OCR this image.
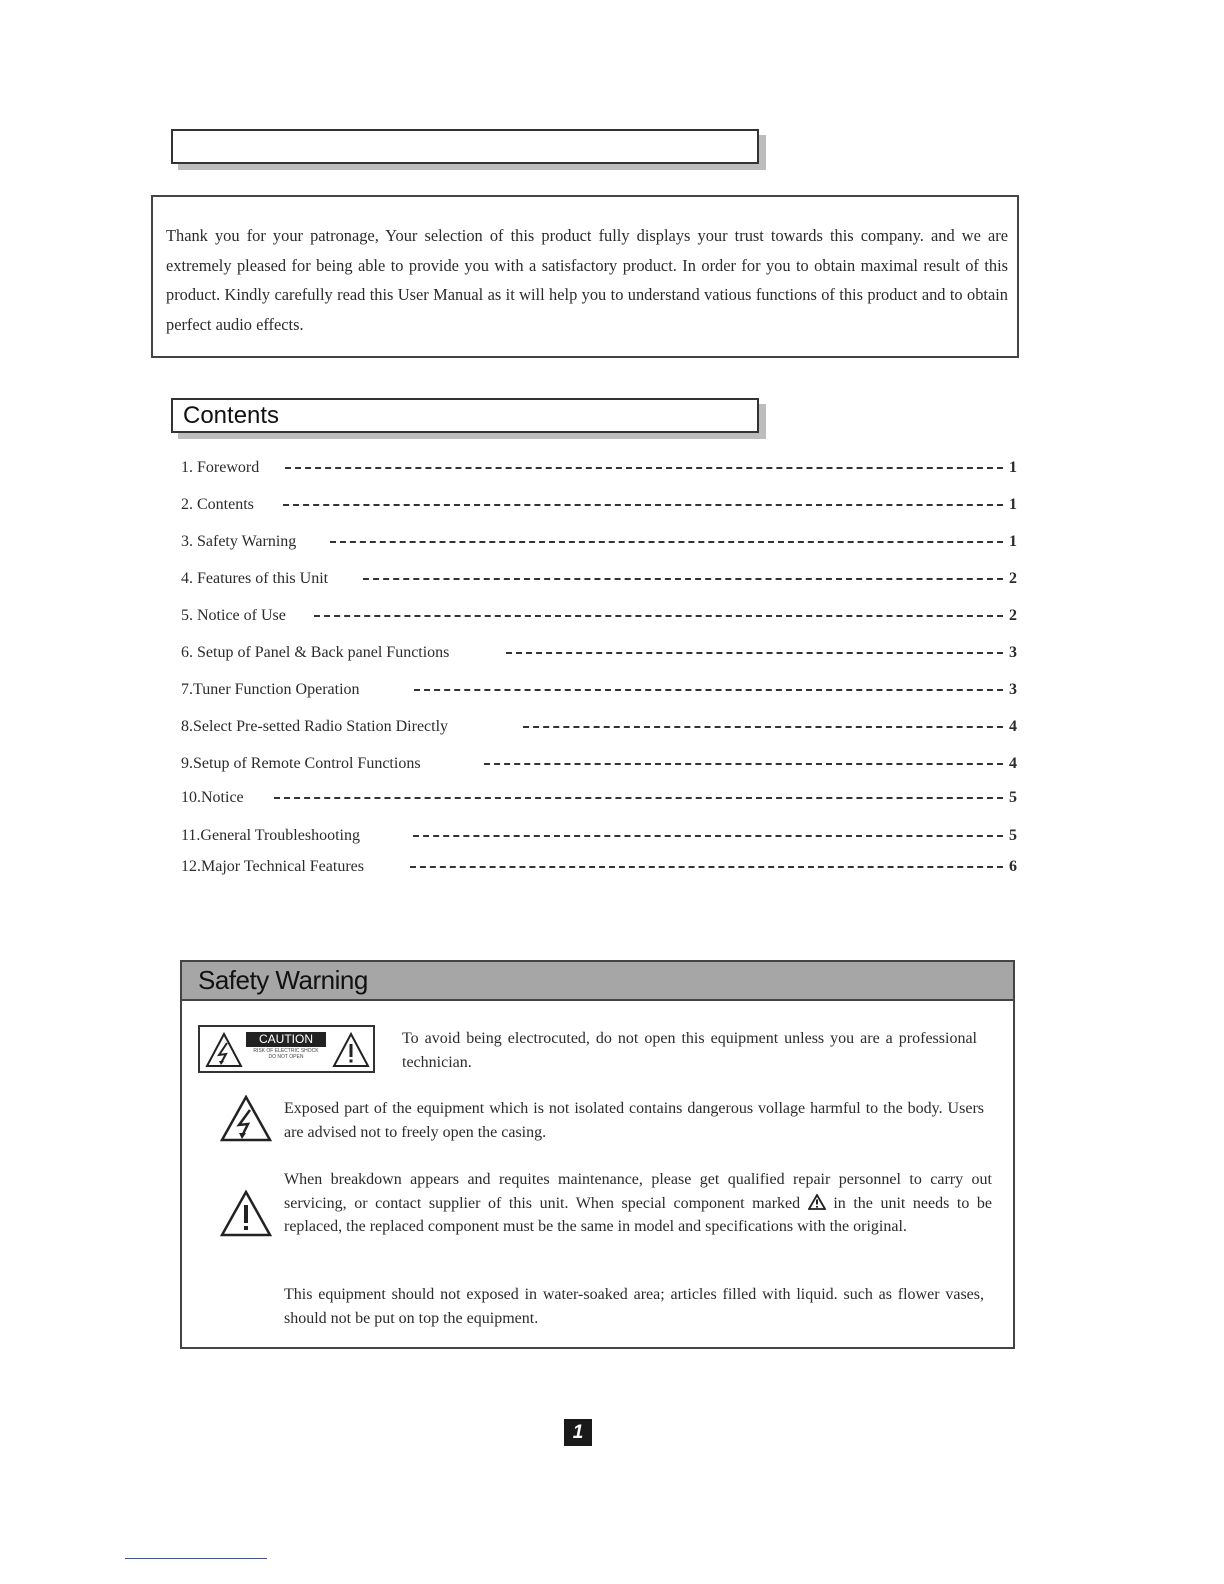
Foreword

Thank you for your patronage, Your selection of this product fully displays your trust towards this company. and we are extremely pleased for being able to provide you with a satisfactory product. In order for you to obtain maximal result of this product. Kindly carefully read this User Manual as it will help you to understand vatious functions of this product and to obtain perfect audio effects.

Contents
1. Foreword	1
2. Contents	1
3. Safety Warning	1
4. Features of this Unit	2
5. Notice of Use	2
6. Setup of Panel & Back panel Functions	3
7.Tuner Function Operation	3
8.Select Pre-setted Radio Station Directly	4
9.Setup of Remote Control Functions	4
10.Notice	5
11.General Troubleshooting	5
12.Major Technical Features	6
Safety Warning
CAUTION
RISK OF ELECTRIC SHOCK
DO NOT OPEN

To avoid being electrocuted, do not open this equipment unless you are a professional technician.

Exposed part of the equipment which is not isolated contains dangerous vollage harmful to the body. Users are advised not to freely open the casing.

When breakdown appears and requites maintenance, please get qualified repair personnel to carry out servicing, or contact supplier of this unit. When special component marked in the unit needs to be replaced, the replaced component must be the same in model and specifications with the original.

This equipment should not exposed in water-soaked area; articles filled with liquid. such as flower vases, should not be put on top the equipment.

1
